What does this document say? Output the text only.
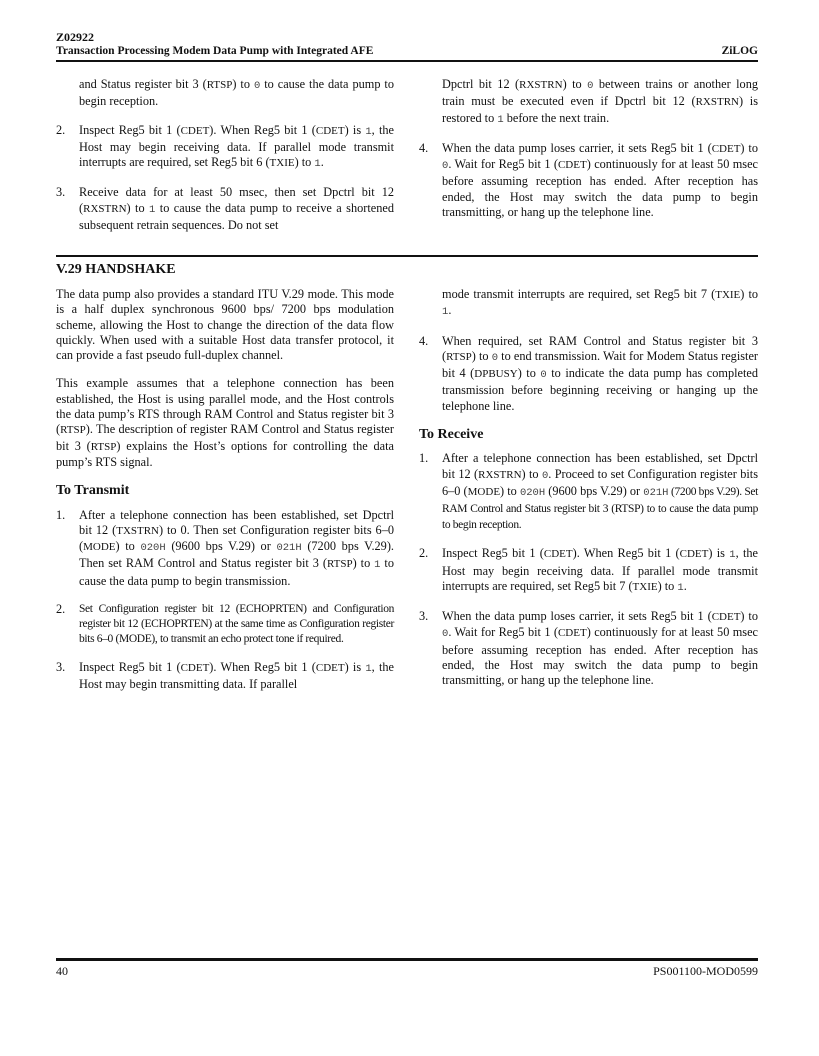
Z02922
Transaction Processing Modem Data Pump with Integrated AFE	ZiLOG
and Status register bit 3 (RTSP) to 0 to cause the data pump to begin reception.
2.	Inspect Reg5 bit 1 (CDET). When Reg5 bit 1 (CDET) is 1, the Host may begin receiving data. If parallel mode transmit interrupts are required, set Reg5 bit 6 (TXIE) to 1.
3.	Receive data for at least 50 msec, then set Dpctrl bit 12 (RXSTRN) to 1 to cause the data pump to receive a shortened subsequent retrain sequences. Do not set
Dpctrl bit 12 (RXSTRN) to 0 between trains or another long train must be executed even if Dpctrl bit 12 (RXSTRN) is restored to 1 before the next train.
4.	When the data pump loses carrier, it sets Reg5 bit 1 (CDET) to 0. Wait for Reg5 bit 1 (CDET) continuously for at least 50 msec before assuming reception has ended. After reception has ended, the Host may switch the data pump to begin transmitting, or hang up the telephone line.
V.29 HANDSHAKE

The data pump also provides a standard ITU V.29 mode. This mode is a half duplex synchronous 9600 bps/ 7200 bps modulation scheme, allowing the Host to change the direction of the data flow quickly. When used with a suitable Host data transfer protocol, it can provide a fast pseudo full-duplex channel.

This example assumes that a telephone connection has been established, the Host is using parallel mode, and the Host controls the data pump’s RTS through RAM Control and Status register bit 3 (RTSP). The description of register RAM Control and Status register bit 3 (RTSP) explains the Host’s options for controlling the data pump’s RTS signal.

To Transmit
1.	After a telephone connection has been established, set Dpctrl bit 12 (TXSTRN) to 0. Then set Configuration register bits 6–0 (MODE) to 020H (9600 bps V.29) or 021H (7200 bps V.29). Then set RAM Control and Status register bit 3 (RTSP) to 1 to cause the data pump to begin transmission.
2.	Set Configuration register bit 12 (ECHOPRTEN) and Configuration register bit 12 (ECHOPRTEN) at the same time as Configuration register bits 6–0 (MODE), to transmit an echo protect tone if required.
3.	Inspect Reg5 bit 1 (CDET). When Reg5 bit 1 (CDET) is 1, the Host may begin transmitting data. If parallel
mode transmit interrupts are required, set Reg5 bit 7 (TXIE) to 1.
4.	When required, set RAM Control and Status register bit 3 (RTSP) to 0 to end transmission. Wait for Modem Status register bit 4 (DPBUSY) to 0 to indicate the data pump has completed transmission before beginning receiving or hanging up the telephone line.
To Receive
1.	After a telephone connection has been established, set Dpctrl bit 12 (RXSTRN) to 0. Proceed to set Configuration register bits 6–0 (MODE) to 020H (9600 bps V.29) or 021H (7200 bps V.29). Set RAM Control and Status register bit 3 (RTSP) to to cause the data pump to begin reception.
2.	Inspect Reg5 bit 1 (CDET). When Reg5 bit 1 (CDET) is 1, the Host may begin receiving data. If parallel mode transmit interrupts are required, set Reg5 bit 7 (TXIE) to 1.
3.	When the data pump loses carrier, it sets Reg5 bit 1 (CDET) to 0. Wait for Reg5 bit 1 (CDET) continuously for at least 50 msec before assuming reception has ended. After reception has ended, the Host may switch the data pump to begin transmitting, or hang up the telephone line.
40	PS001100-MOD0599
